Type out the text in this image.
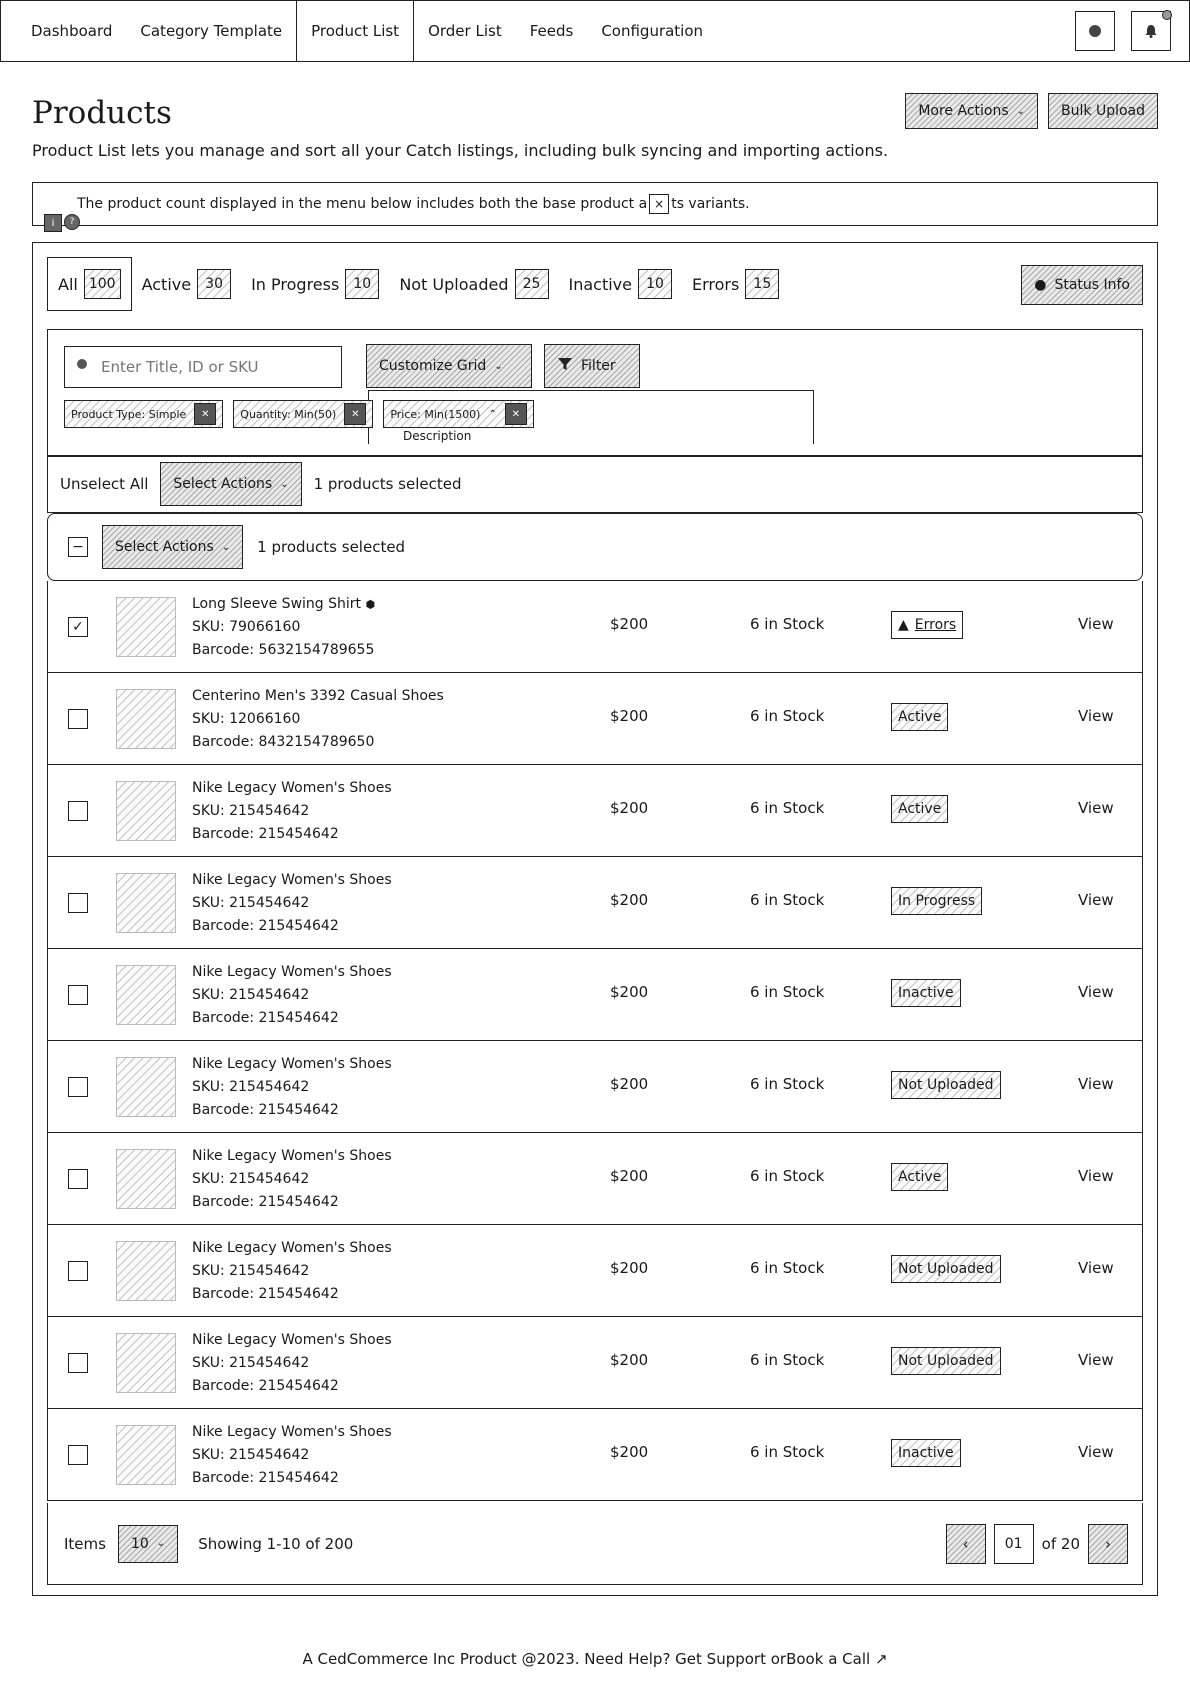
Dashboard Category Template Product List Order List Feeds Configuration
Products
Product List lets you manage and sort all your Catch listings, including bulk syncing and importing actions.
More Actions ⌄	Bulk Upload
The product count displayed in the menu below includes both the base product a × ts variants.
i	?
All 100	Active	30	In Progress	10	Not Uploaded	25	Inactive	10	Errors	15	● Status Info
Enter Title, ID or SKU
Customize Grid ⌄	Filter
Description
Product Type: Simple	✕	Quantity: Min(50)	✕	Price: Min(1500) ⌃	✕
Unselect All Select Actions ⌄ 1 products selected
− Select Actions ⌄ 1 products selected
✓
Long Sleeve Swing Shirt ⬢
SKU: 79066160
Barcode: 5632154789655
$200	6 in Stock	▲ Errors	View
Centerino Men's 3392 Casual Shoes
SKU: 12066160
Barcode: 8432154789650
$200	6 in Stock	Active	View
Nike Legacy Women's Shoes
SKU: 215454642
Barcode: 215454642
$200	6 in Stock	Active	View
Nike Legacy Women's Shoes
SKU: 215454642
Barcode: 215454642
$200	6 in Stock	In Progress	View
Nike Legacy Women's Shoes
SKU: 215454642
Barcode: 215454642
$200	6 in Stock	Inactive	View
Nike Legacy Women's Shoes
SKU: 215454642
Barcode: 215454642
$200	6 in Stock	Not Uploaded	View
Nike Legacy Women's Shoes
SKU: 215454642
Barcode: 215454642
$200	6 in Stock	Active	View
Nike Legacy Women's Shoes
SKU: 215454642
Barcode: 215454642
$200	6 in Stock	Not Uploaded	View
Nike Legacy Women's Shoes
SKU: 215454642
Barcode: 215454642
$200	6 in Stock	Not Uploaded	View
Nike Legacy Women's Shoes
SKU: 215454642
Barcode: 215454642
$200	6 in Stock	Inactive	View
Items 10 ⌄ Showing 1-10 of 200	‹	01	of 20 ›
A CedCommerce Inc Product @2023. Need Help? Get Support orBook a Call ↗
